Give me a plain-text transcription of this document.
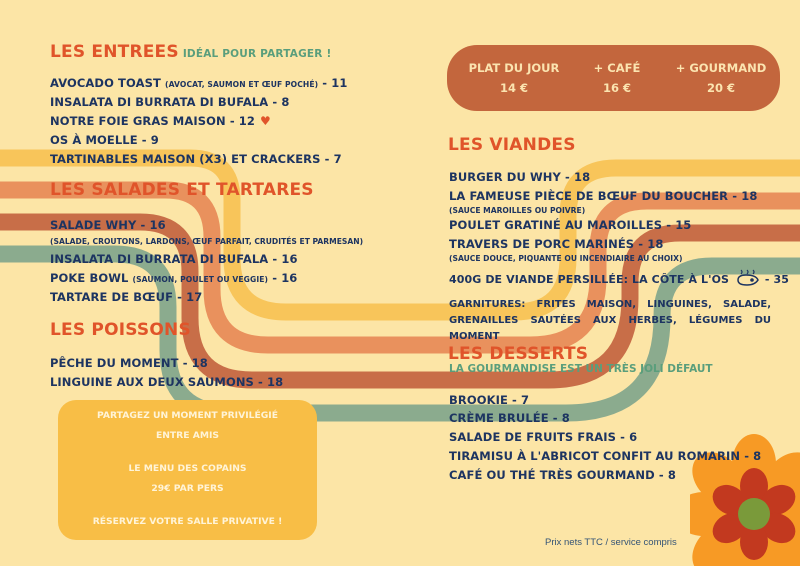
LES ENTREES IDÉAL POUR PARTAGER !
AVOCADO TOAST (AVOCAT, SAUMON ET ŒUF POCHÉ) - 11
INSALATA DI BURRATA DI BUFALA - 8
NOTRE FOIE GRAS MAISON - 12 ♥
OS À MOELLE - 9
TARTINABLES MAISON (X3) ET CRACKERS - 7
LES SALADES ET TARTARES
SALADE WHY - 16
(SALADE, CROUTONS, LARDONS, ŒUF PARFAIT, CRUDITÉS ET PARMESAN)
INSALATA DI BURRATA DI BUFALA - 16
POKE BOWL (SAUMON, POULET OU VEGGIE) - 16
TARTARE DE BŒUF - 17
LES POISSONS
PÊCHE DU MOMENT - 18
LINGUINE AUX DEUX SAUMONS - 18
PARTAGEZ UN MOMENT PRIVILÉGIÉ
ENTRE AMIS
LE MENU DES COPAINS
29€ PAR PERS
RÉSERVEZ VOTRE SALLE PRIVATIVE !
PLAT DU JOUR
14 €
+ CAFÉ
16 €
+ GOURMAND
20 €
LES VIANDES
BURGER DU WHY - 18
LA FAMEUSE PIÈCE DE BŒUF DU BOUCHER - 18
(SAUCE MAROILLES OU POIVRE)
POULET GRATINÉ AU MAROILLES - 15
TRAVERS DE PORC MARINÉS - 18
(SAUCE DOUCE, PIQUANTE OU INCENDIAIRE AU CHOIX)
400G DE VIANDE PERSILLÉE: LA CÔTE À L'OS	- 35
GARNITURES: FRITES MAISON, LINGUINES, SALADE, GRENAILLES SAUTÉES AUX HERBES, LÉGUMES DU MOMENT
LES DESSERTS
LA GOURMANDISE EST UN TRÈS JOLI DÉFAUT
BROOKIE - 7
CRÈME BRULÉE - 8
SALADE DE FRUITS FRAIS - 6
TIRAMISU À L'ABRICOT CONFIT AU ROMARIN - 8
CAFÉ OU THÉ TRÈS GOURMAND - 8
Prix nets TTC / service compris
